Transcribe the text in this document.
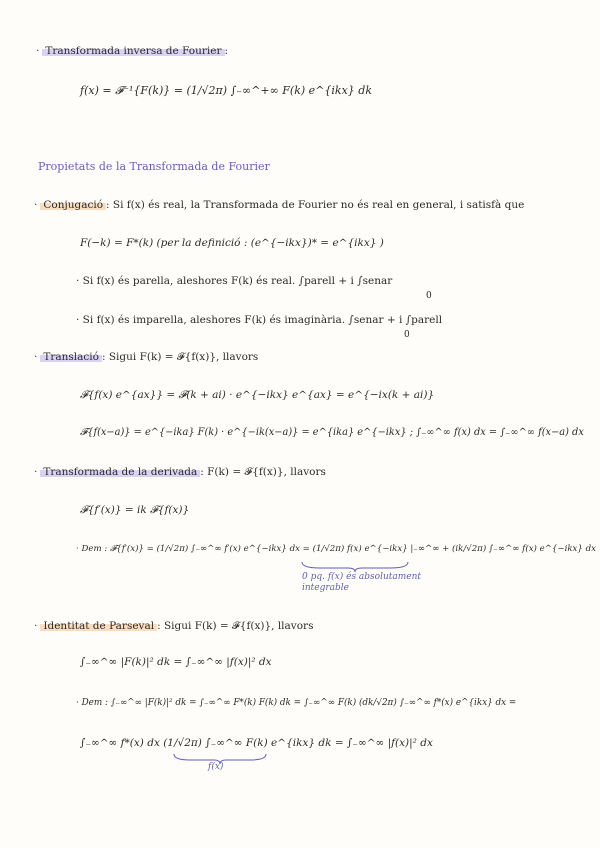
· Transformada inversa de Fourier :
f(x) = 𝓕⁻¹{F(k)} = (1/√2π) ∫₋∞^+∞ F(k) e^{ikx} dk
Propietats de la Transformada de Fourier
· Conjugació : Si f(x) és real, la Transformada de Fourier no és real en general, i satisfà que
F(−k) = F*(k) (per la definició : (e^{−ikx})* = e^{ikx} )
· Si f(x) és parella, aleshores F(k) és real. ∫parell + i ∫senar
0
· Si f(x) és imparella, aleshores F(k) és imaginària. ∫senar + i ∫parell
0
· Translació : Sigui F(k) = 𝓕{f(x)}, llavors
𝓕{f(x) e^{ax}} = 𝓕(k + ai) · e^{−ikx} e^{ax} = e^{−ix(k + ai)}
𝓕{f(x−a)} = e^{−ika} F(k) · e^{−ik(x−a)} = e^{ika} e^{−ikx} ; ∫₋∞^∞ f(x) dx = ∫₋∞^∞ f(x−a) dx
· Transformada de la derivada : F(k) = 𝓕{f(x)}, llavors
𝓕{f′(x)} = ik 𝓕{f(x)}
· Dem : 𝓕{f′(x)} = (1/√2π) ∫₋∞^∞ f′(x) e^{−ikx} dx = (1/√2π) f(x) e^{−ikx} |₋∞^∞ + (ik/√2π) ∫₋∞^∞ f(x) e^{−ikx} dx
0 pq. f(x) és absolutament
integrable
· Identitat de Parseval : Sigui F(k) = 𝓕{f(x)}, llavors
∫₋∞^∞ |F(k)|² dk = ∫₋∞^∞ |f(x)|² dx
· Dem : ∫₋∞^∞ |F(k)|² dk = ∫₋∞^∞ F*(k) F(k) dk = ∫₋∞^∞ F(k) (dk/√2π) ∫₋∞^∞ f*(x) e^{ikx} dx =
∫₋∞^∞ f*(x) dx (1/√2π) ∫₋∞^∞ F(k) e^{ikx} dk = ∫₋∞^∞ |f(x)|² dx
f(x)
